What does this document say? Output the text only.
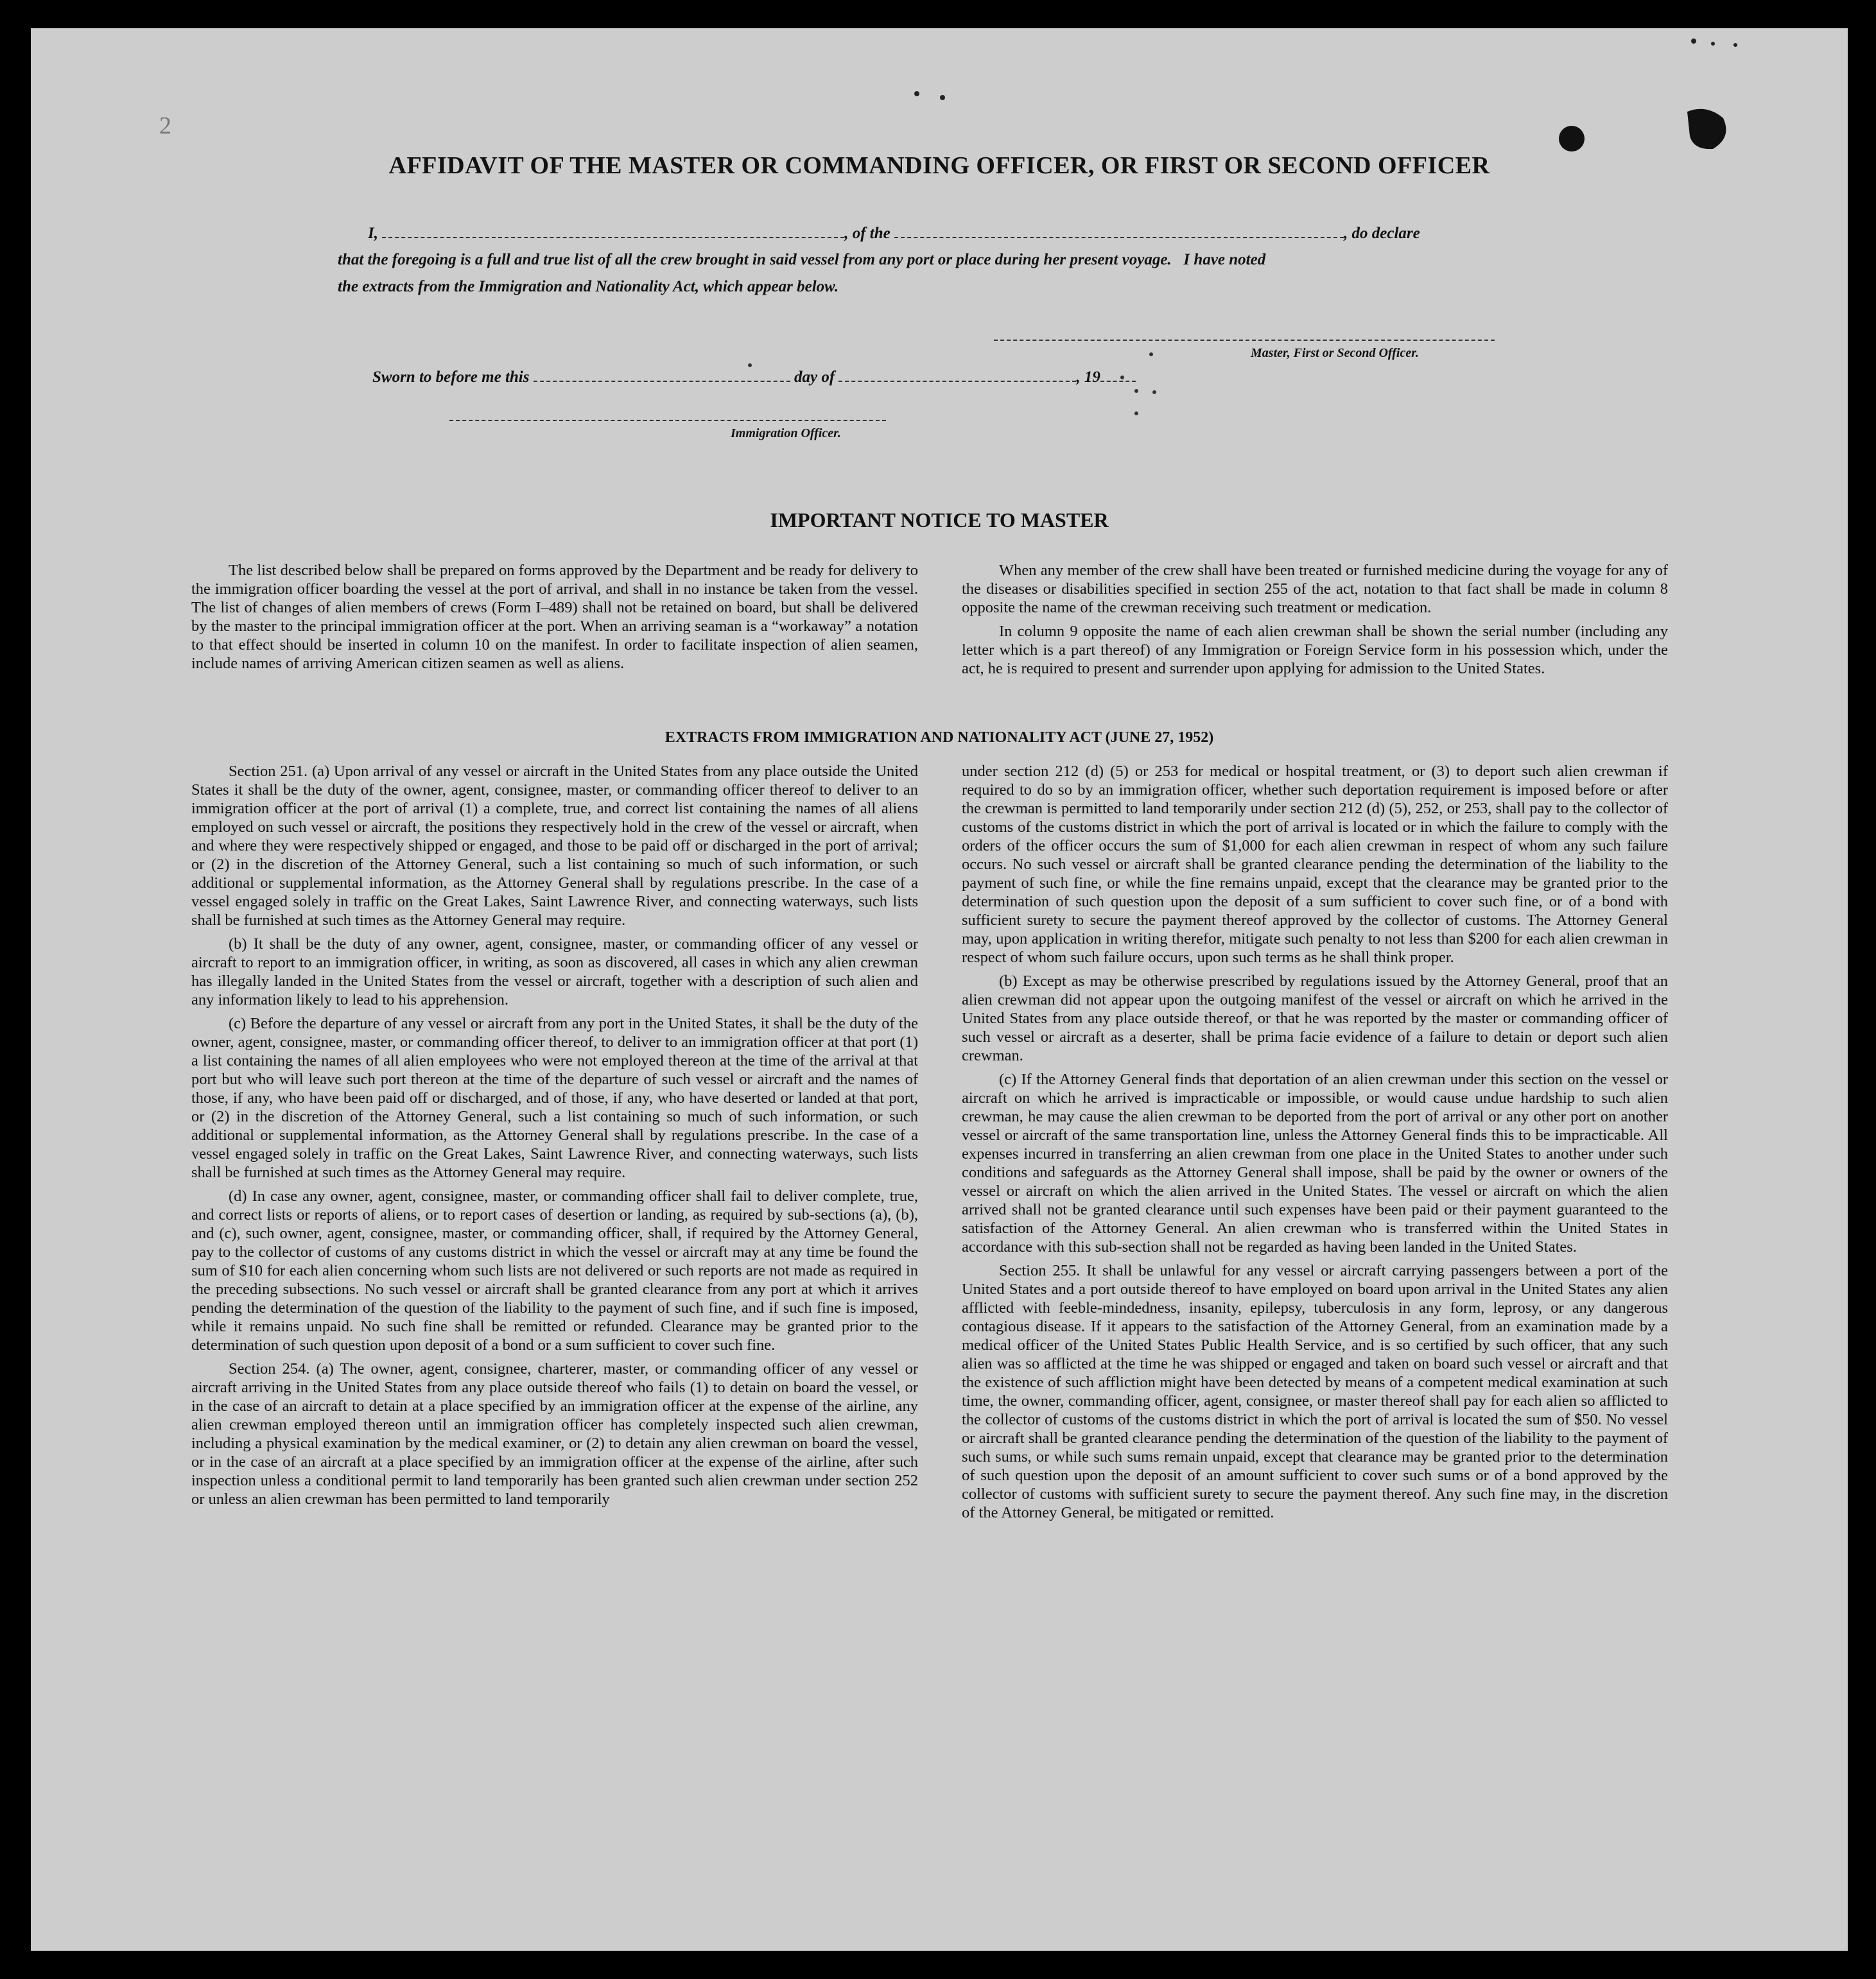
2
AFFIDAVIT OF THE MASTER OR COMMANDING OFFICER, OR FIRST OR SECOND OFFICER
I,	, of the	, do declare
that the foregoing is a full and true list of all the crew brought in said vessel from any port or place during her present voyage.   I have noted
the extracts from the Immigration and Nationality Act, which appear below.
Master, First or Second Officer.
Sworn to before me this	day of	, 19
Immigration Officer.
IMPORTANT NOTICE TO MASTER

The list described below shall be prepared on forms approved by the Department and be ready for delivery to the immigration officer boarding the vessel at the port of arrival, and shall in no instance be taken from the vessel. The list of changes of alien members of crews (Form I–489) shall not be retained on board, but shall be delivered by the master to the principal immigration officer at the port. When an arriving seaman is a “workaway” a notation to that effect should be inserted in column 10 on the manifest. In order to facilitate inspection of alien seamen, include names of arriving American citizen seamen as well as aliens.

When any member of the crew shall have been treated or furnished medicine during the voyage for any of the diseases or disabilities specified in section 255 of the act, notation to that fact shall be made in column 8 opposite the name of the crewman receiving such treatment or medication.

In column 9 opposite the name of each alien crewman shall be shown the serial number (including any letter which is a part thereof) of any Immigration or Foreign Service form in his possession which, under the act, he is required to present and surrender upon applying for admission to the United States.

EXTRACTS FROM IMMIGRATION AND NATIONALITY ACT (JUNE 27, 1952)

Section 251. (a) Upon arrival of any vessel or aircraft in the United States from any place outside the United States it shall be the duty of the owner, agent, consignee, master, or commanding officer thereof to deliver to an immigration officer at the port of arrival (1) a complete, true, and correct list containing the names of all aliens employed on such vessel or aircraft, the positions they respectively hold in the crew of the vessel or aircraft, when and where they were respectively shipped or engaged, and those to be paid off or discharged in the port of arrival; or (2) in the discretion of the Attorney General, such a list containing so much of such information, or such additional or supplemental information, as the Attorney General shall by regulations prescribe. In the case of a vessel engaged solely in traffic on the Great Lakes, Saint Lawrence River, and connecting waterways, such lists shall be furnished at such times as the Attorney General may require.

(b) It shall be the duty of any owner, agent, consignee, master, or commanding officer of any vessel or aircraft to report to an immigration officer, in writing, as soon as discovered, all cases in which any alien crewman has illegally landed in the United States from the vessel or aircraft, together with a description of such alien and any information likely to lead to his apprehension.

(c) Before the departure of any vessel or aircraft from any port in the United States, it shall be the duty of the owner, agent, consignee, master, or commanding officer thereof, to deliver to an immigration officer at that port (1) a list containing the names of all alien employees who were not employed thereon at the time of the arrival at that port but who will leave such port thereon at the time of the departure of such vessel or aircraft and the names of those, if any, who have been paid off or discharged, and of those, if any, who have deserted or landed at that port, or (2) in the discretion of the Attorney General, such a list containing so much of such information, or such additional or supplemental information, as the Attorney General shall by regulations prescribe. In the case of a vessel engaged solely in traffic on the Great Lakes, Saint Lawrence River, and connecting waterways, such lists shall be furnished at such times as the Attorney General may require.

(d) In case any owner, agent, consignee, master, or commanding officer shall fail to deliver complete, true, and correct lists or reports of aliens, or to report cases of desertion or landing, as required by sub-sections (a), (b), and (c), such owner, agent, consignee, master, or commanding officer, shall, if required by the Attorney General, pay to the collector of customs of any customs district in which the vessel or aircraft may at any time be found the sum of $10 for each alien concerning whom such lists are not delivered or such reports are not made as required in the preceding subsections. No such vessel or aircraft shall be granted clearance from any port at which it arrives pending the determination of the question of the liability to the payment of such fine, and if such fine is imposed, while it remains unpaid. No such fine shall be remitted or refunded. Clearance may be granted prior to the determination of such question upon deposit of a bond or a sum sufficient to cover such fine.

Section 254. (a) The owner, agent, consignee, charterer, master, or commanding officer of any vessel or aircraft arriving in the United States from any place outside thereof who fails (1) to detain on board the vessel, or in the case of an aircraft to detain at a place specified by an immigration officer at the expense of the airline, any alien crewman employed thereon until an immigration officer has completely inspected such alien crewman, including a physical examination by the medical examiner, or (2) to detain any alien crewman on board the vessel, or in the case of an aircraft at a place specified by an immigration officer at the expense of the airline, after such inspection unless a conditional permit to land temporarily has been granted such alien crewman under section 252 or unless an alien crewman has been permitted to land temporarily

under section 212 (d) (5) or 253 for medical or hospital treatment, or (3) to deport such alien crewman if required to do so by an immigration officer, whether such deportation requirement is imposed before or after the crewman is permitted to land temporarily under section 212 (d) (5), 252, or 253, shall pay to the collector of customs of the customs district in which the port of arrival is located or in which the failure to comply with the orders of the officer occurs the sum of $1,000 for each alien crewman in respect of whom any such failure occurs. No such vessel or aircraft shall be granted clearance pending the determination of the liability to the payment of such fine, or while the fine remains unpaid, except that the clearance may be granted prior to the determination of such question upon the deposit of a sum sufficient to cover such fine, or of a bond with sufficient surety to secure the payment thereof approved by the collector of customs. The Attorney General may, upon application in writing therefor, mitigate such penalty to not less than $200 for each alien crewman in respect of whom such failure occurs, upon such terms as he shall think proper.

(b) Except as may be otherwise prescribed by regulations issued by the Attorney General, proof that an alien crewman did not appear upon the outgoing manifest of the vessel or aircraft on which he arrived in the United States from any place outside thereof, or that he was reported by the master or commanding officer of such vessel or aircraft as a deserter, shall be prima facie evidence of a failure to detain or deport such alien crewman.

(c) If the Attorney General finds that deportation of an alien crewman under this section on the vessel or aircraft on which he arrived is impracticable or impossible, or would cause undue hardship to such alien crewman, he may cause the alien crewman to be deported from the port of arrival or any other port on another vessel or aircraft of the same transportation line, unless the Attorney General finds this to be impracticable. All expenses incurred in transferring an alien crewman from one place in the United States to another under such conditions and safeguards as the Attorney General shall impose, shall be paid by the owner or owners of the vessel or aircraft on which the alien arrived in the United States. The vessel or aircraft on which the alien arrived shall not be granted clearance until such expenses have been paid or their payment guaranteed to the satisfaction of the Attorney General. An alien crewman who is transferred within the United States in accordance with this sub-section shall not be regarded as having been landed in the United States.

Section 255. It shall be unlawful for any vessel or aircraft carrying passengers between a port of the United States and a port outside thereof to have employed on board upon arrival in the United States any alien afflicted with feeble-mindedness, insanity, epilepsy, tuberculosis in any form, leprosy, or any dangerous contagious disease. If it appears to the satisfaction of the Attorney General, from an examination made by a medical officer of the United States Public Health Service, and is so certified by such officer, that any such alien was so afflicted at the time he was shipped or engaged and taken on board such vessel or aircraft and that the existence of such affliction might have been detected by means of a competent medical examination at such time, the owner, commanding officer, agent, consignee, or master thereof shall pay for each alien so afflicted to the collector of customs of the customs district in which the port of arrival is located the sum of $50. No vessel or aircraft shall be granted clearance pending the determination of the question of the liability to the payment of such sums, or while such sums remain unpaid, except that clearance may be granted prior to the determination of such question upon the deposit of an amount sufficient to cover such sums or of a bond approved by the collector of customs with sufficient surety to secure the payment thereof. Any such fine may, in the discretion of the Attorney General, be mitigated or remitted.
